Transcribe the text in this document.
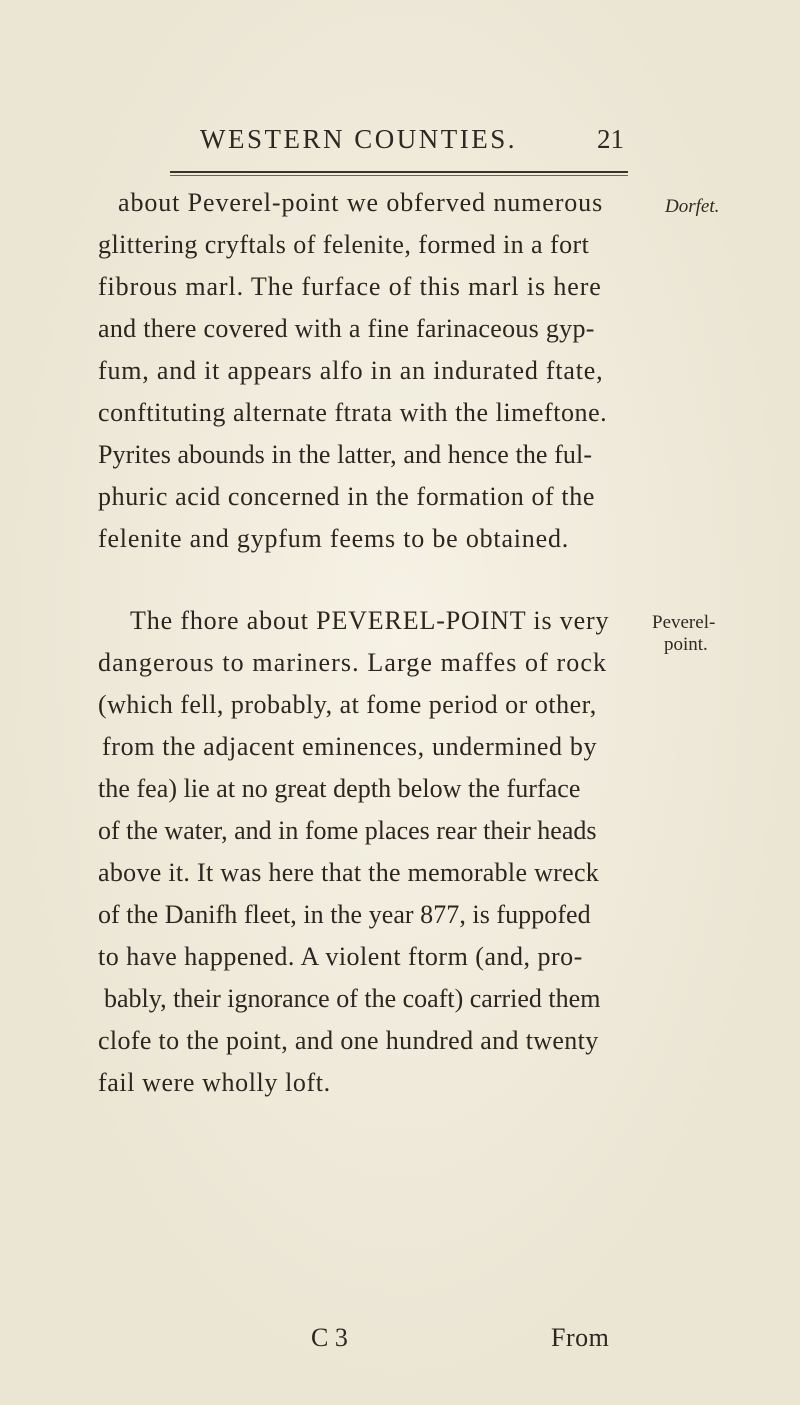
WESTERN COUNTIES.	21
about Peverel-point we obferved numerous
glittering cryftals of felenite, formed in a fort
fibrous marl. The furface of this marl is here
and there covered with a fine farinaceous gyp-
fum, and it appears alfo in an indurated ftate,
conftituting alternate ftrata with the limeftone.
Pyrites abounds in the latter, and hence the ful-
phuric acid concerned in the formation of the
felenite and gypfum feems to be obtained.
The fhore about PEVEREL-POINT is very
dangerous to mariners. Large maffes of rock
(which fell, probably, at fome period or other,
from the adjacent eminences, undermined by
the fea) lie at no great depth below the furface
of the water, and in fome places rear their heads
above it. It was here that the memorable wreck
of the Danifh fleet, in the year 877, is fuppofed
to have happened. A violent ftorm (and, pro-
bably, their ignorance of the coaft) carried them
clofe to the point, and one hundred and twenty
fail were wholly loft.
Dorfet.
Peverel-
point.
C 3	From
